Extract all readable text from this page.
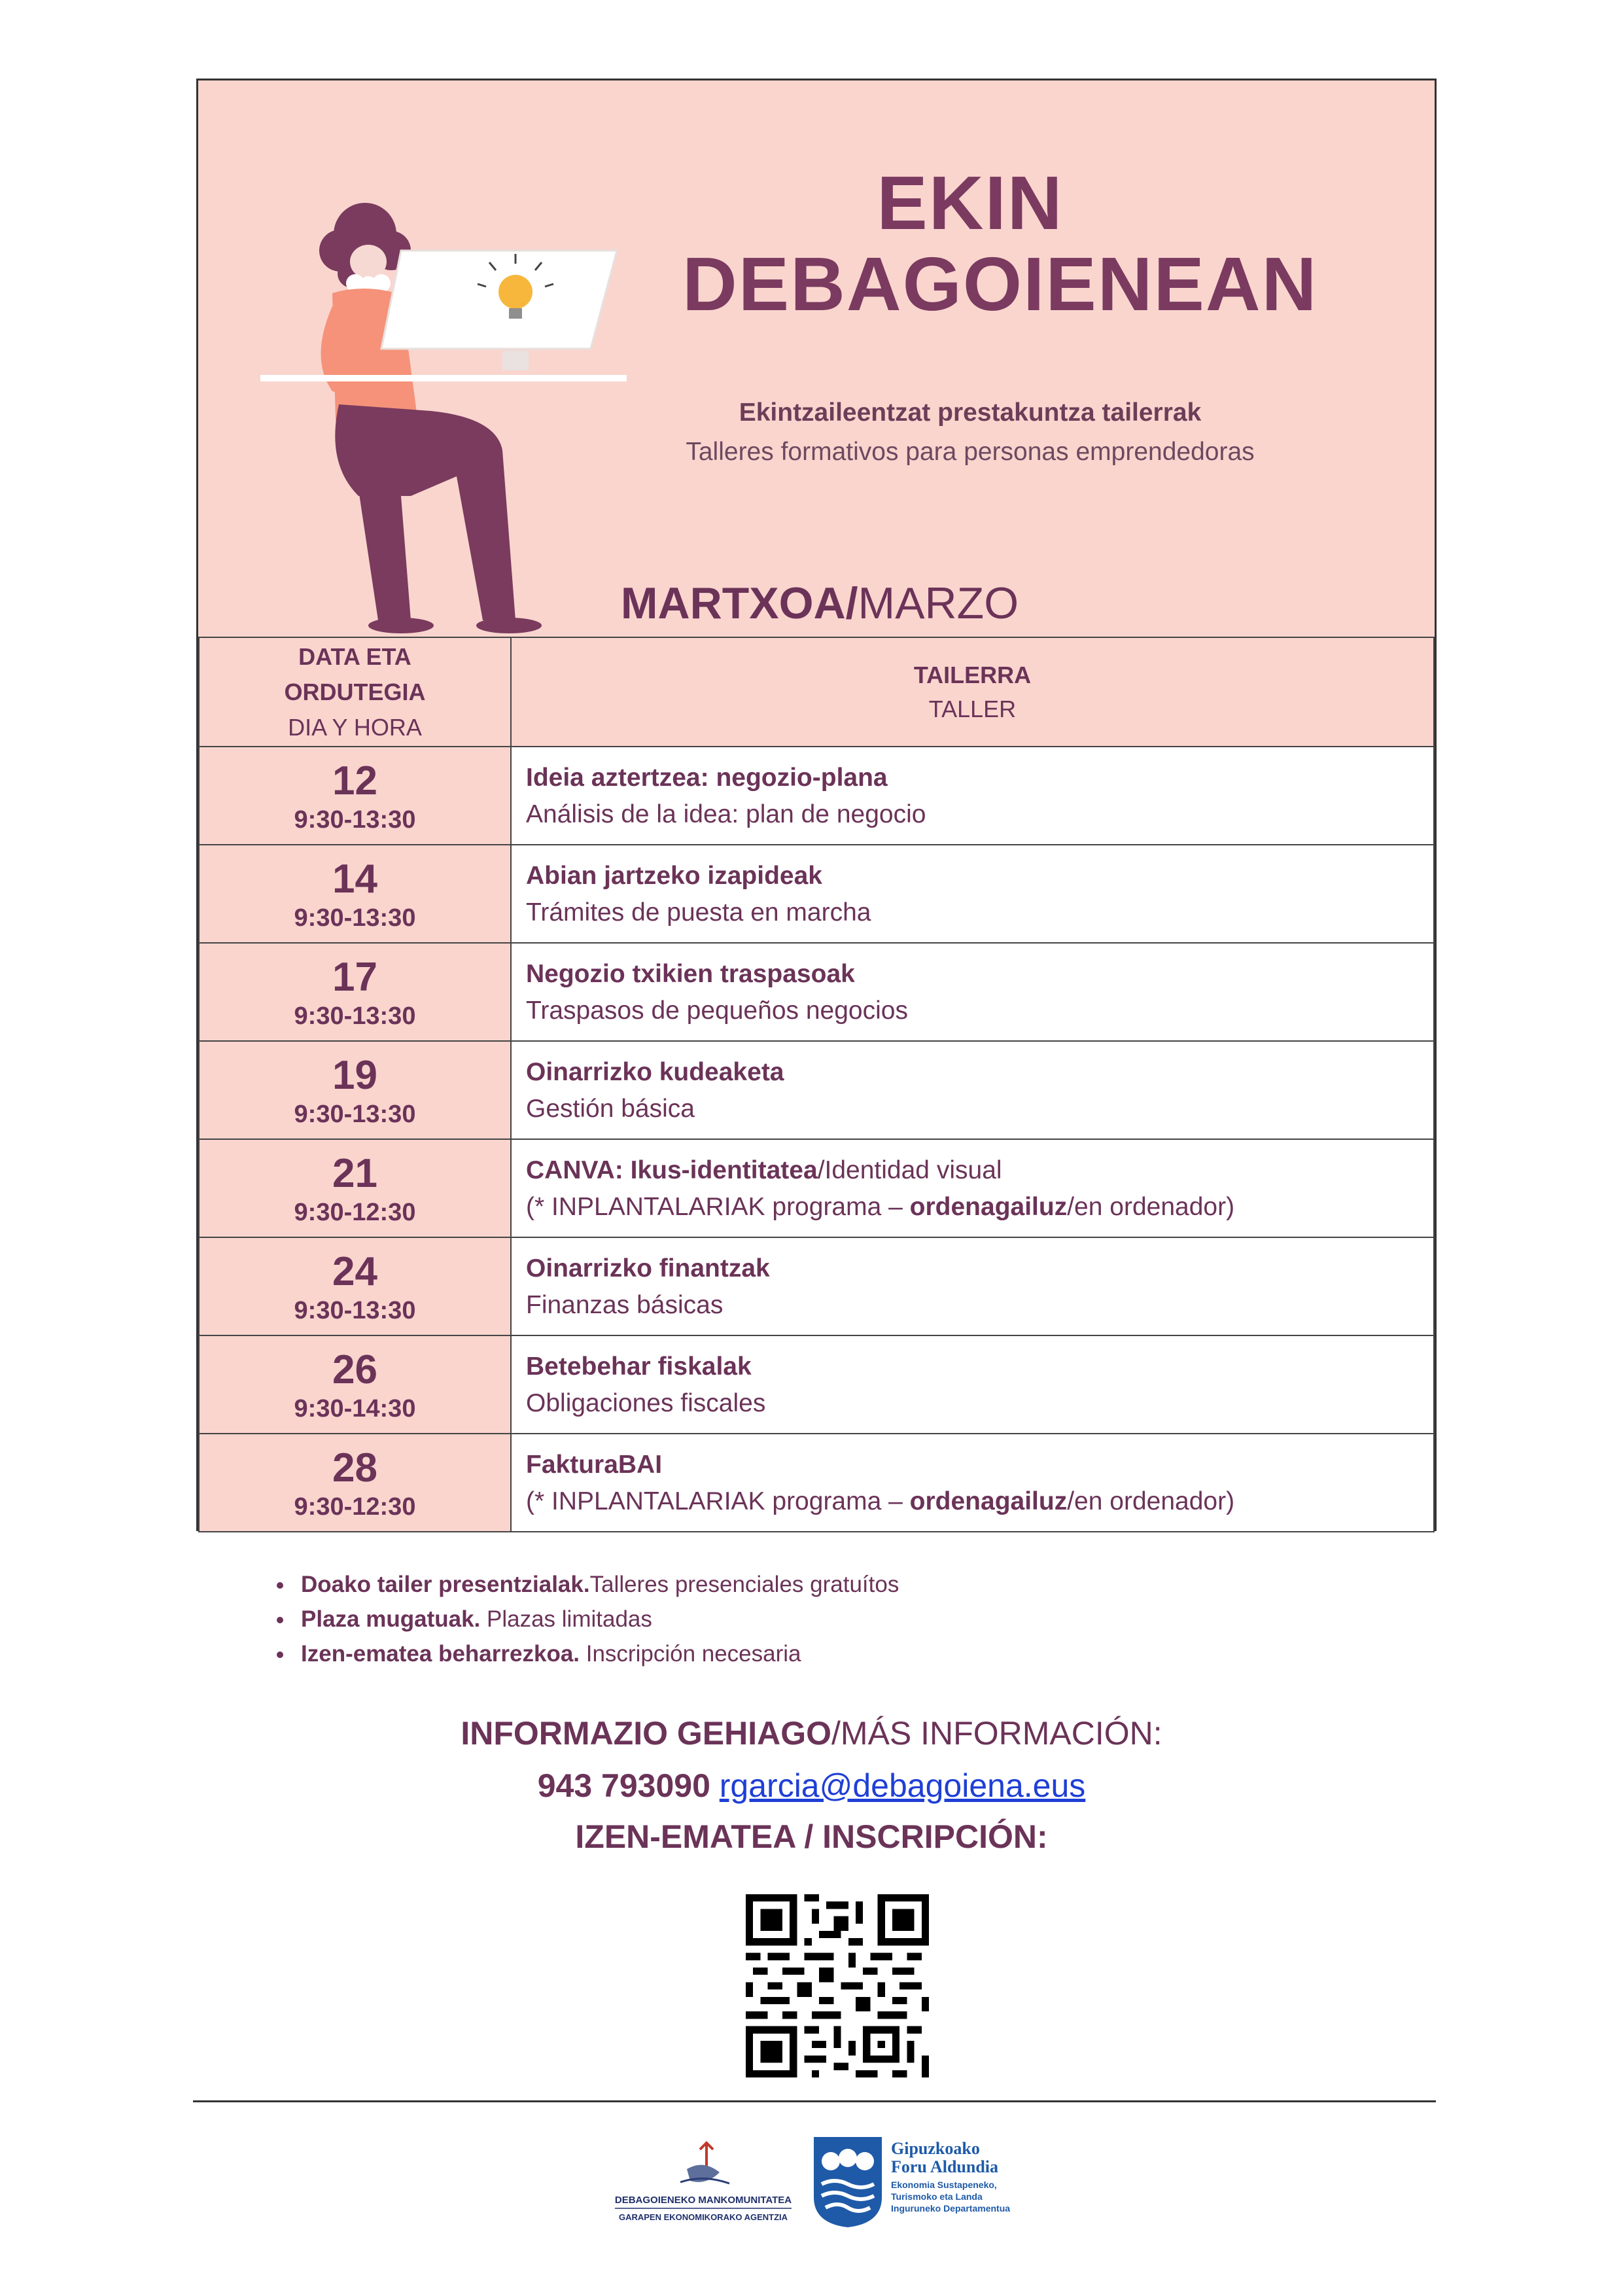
EKIN
DEBAGOIENEAN
Ekintzaileentzat prestakuntza tailerrak
Talleres formativos para personas emprendedoras
MARTXOA/MARZO
DATA ETA
ORDUTEGIA
DIA Y HORA	TAILERRA
TALLER

12
9:30-13:30	Ideia aztertzea: negozio-plana
Análisis de la idea: plan de negocio

14
9:30-13:30	Abian jartzeko izapideak
Trámites de puesta en marcha

17
9:30-13:30	Negozio txikien traspasoak
Traspasos de pequeños negocios

19
9:30-13:30	Oinarrizko kudeaketa
Gestión básica

21
9:30-12:30	CANVA: Ikus-identitatea/Identidad visual
(* INPLANTALARIAK programa – ordenagailuz/en ordenador)

24
9:30-13:30	Oinarrizko finantzak
Finanzas básicas

26
9:30-14:30	Betebehar fiskalak
Obligaciones fiscales

28
9:30-12:30	FakturaBAI
(* INPLANTALARIAK programa – ordenagailuz/en ordenador)
• Doako tailer presentzialak.Talleres presenciales gratuítos
• Plaza mugatuak. Plazas limitadas
• Izen-ematea beharrezkoa. Inscripción necesaria
INFORMAZIO GEHIAGO/MÁS INFORMACIÓN:
943 793090 rgarcia@debagoiena.eus
IZEN-EMATEA / INSCRIPCIÓN:
DEBAGOIENEKO MANKOMUNITATEA
GARAPEN EKONOMIKORAKO AGENTZIA
Gipuzkoako
Foru Aldundia
Ekonomia Sustapeneko,
Turismoko eta Landa
Inguruneko Departamentua
